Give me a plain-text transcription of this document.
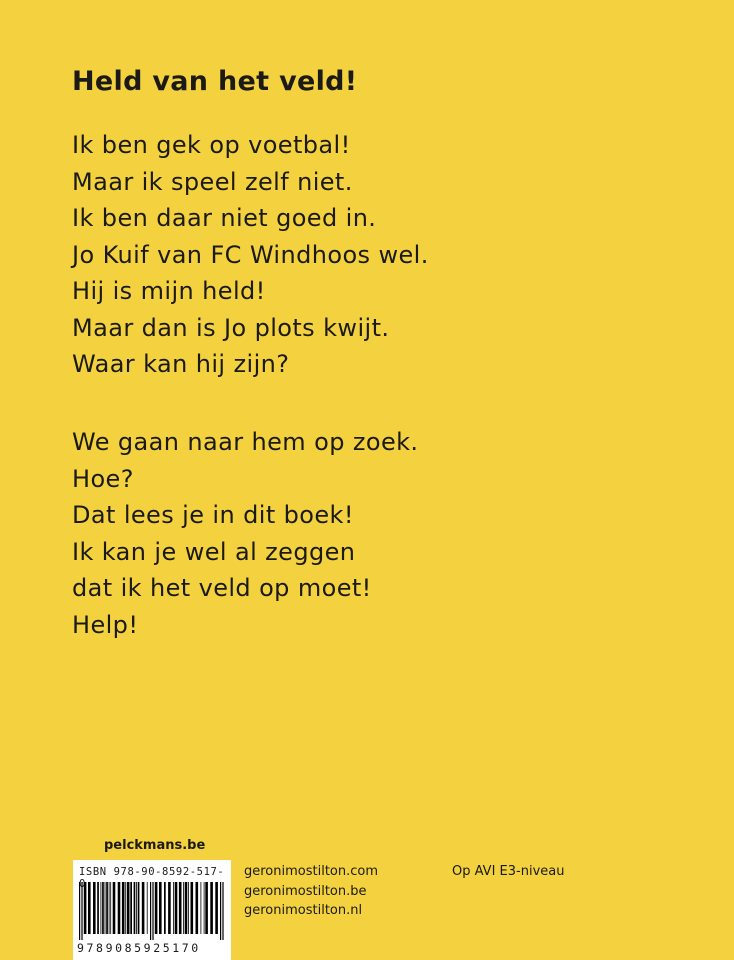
Held van het veld!
Ik ben gek op voetbal!
Maar ik speel zelf niet.
Ik ben daar niet goed in.
Jo Kuif van FC Windhoos wel.
Hij is mijn held!
Maar dan is Jo plots kwijt.
Waar kan hij zijn?
We gaan naar hem op zoek.
Hoe?
Dat lees je in dit boek!
Ik kan je wel al zeggen
dat ik het veld op moet!
Help!
pelckmans.be
ISBN 978-90-8592-517-
9789085925170
geronimostilton.com
geronimostilton.be
geronimostilton.nl
Op AVI E3-niveau
